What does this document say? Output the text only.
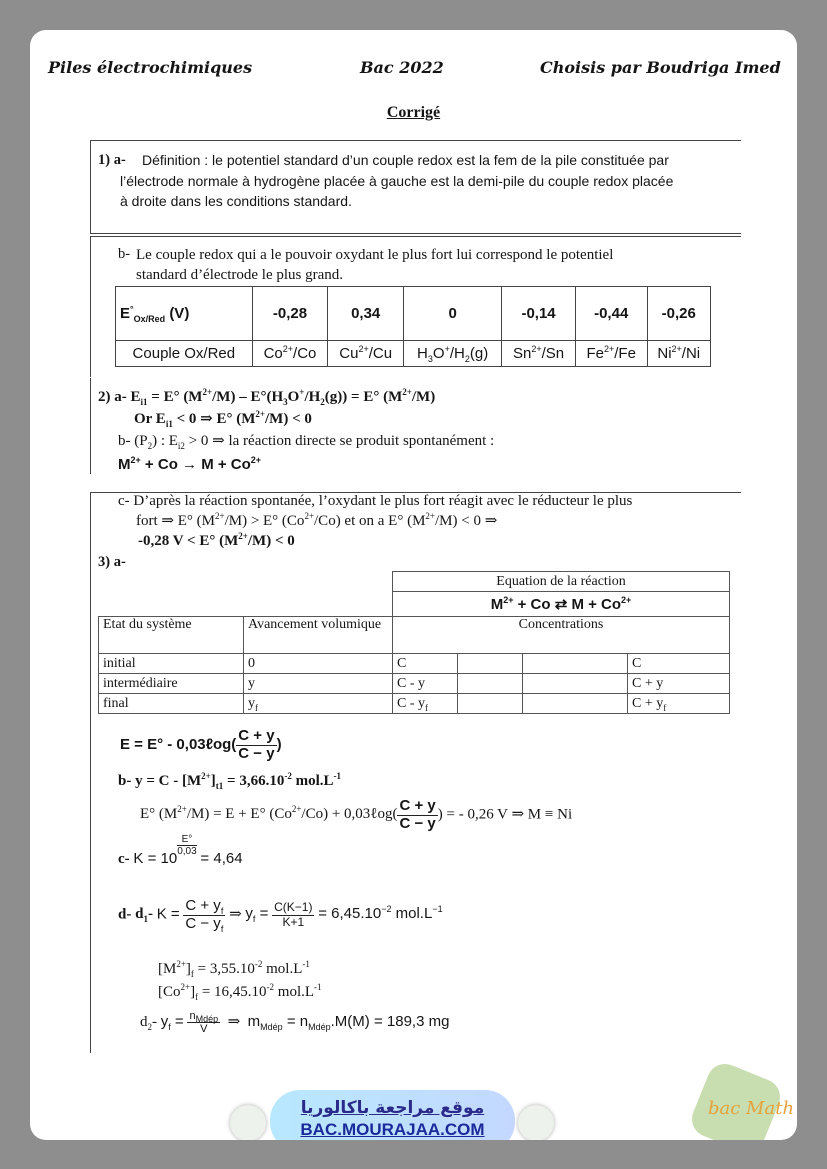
Piles électrochimiques	Bac 2022	Choisis par Boudriga Imed
Corrigé
1) a- Définition : le potentiel standard d’un couple redox est la fem de la pile constituée par
l’électrode normale à hydrogène placée à gauche est la demi-pile du couple redox placée
à droite dans les conditions standard.
b- Le couple redox qui a le pouvoir oxydant le plus fort lui correspond le potentiel
standard d’électrode le plus grand.
$E^\circ_{Ox/Red}$ (V)	-0,28	0,34	0	-0,14	-0,44	-0,26
Couple Ox/Red	$Co^{2+}/Co$	$Cu^{2+}/Cu$	$H_3O^+/H_2(g)$	$Sn^{2+}/Sn$	$Fe^{2+}/Fe$	$Ni^{2+}/Ni$
2) a- $E_{i1} = E^\circ$ $(M^{2+}/M) - E^\circ(H_3O^+/H_2(g)) = E^\circ$ $(M^{2+}/M)$
Or $E_{i1} < 0$ ⇒ E° $(M^{2+}/M) < 0$
b- $(P_2)$ : $E_{i2} > 0$ ⇒ la réaction directe se produit spontanément :
$M^{2+} + Co \to M + Co^{2+}$
c- D’après la réaction spontanée, l’oxydant le plus fort réagit avec le réducteur le plus
fort ⇒ E° $(M^{2+}/M) > E^\circ$ $(Co^{2+}/Co)$ et on a E° $(M^{2+}/M) < 0$ ⇒
-0,28 V < E° $(M^{2+}/M) < 0$
3) a-
		Equation de la réaction			
		$M^{2+} + Co$ ⇄ $M + Co^{2+}$
Etat du système	Avancement volumique	Concentrations			
initial	0	C			C
intermédiaire	y	C - y			C + y
final	$y_f$	C - $y_f$			$C + y_f$
E = E° - 0,03ℓog( $\frac{C + y}{C - y}$ )
b- $y = C - [M^{2+}]_{t1} = 3,66.10^{-2}$ $mol.L^{-1}$
E° $(M^{2+}/M) = E + E^\circ$ $(Co^{2+}/Co)$ + 0,03ℓog( $\frac{C + y}{C - y}$ ) = - 0,26 V ⇒ M ≡ Ni
c- K = 10
$\frac{E^\circ}{0,03}$
= 4,64
d- $d_1-$ $K = \frac{C + y_f}{C - y_f}$ ⇒ $y_f = \frac{C(K-1)}{K+1} = 6,45.10^{-2}$ $mol.L^{-1}$
$[M^{2+}]_f = 3,55.10^{-2}$ $mol.L^{-1}$
$[Co^{2+}]_f = 16,45.10^{-2}$ $mol.L^{-1}$
$d_2-$ $y_f = \frac{n_{Mdép}}{V}$ ⇒  $m_{Mdép} = n_{Mdép}.M(M) = 189,3$ mg
موقع مراجعة باكالوريا
BAC.MOURAJAA.COM
bac Math
